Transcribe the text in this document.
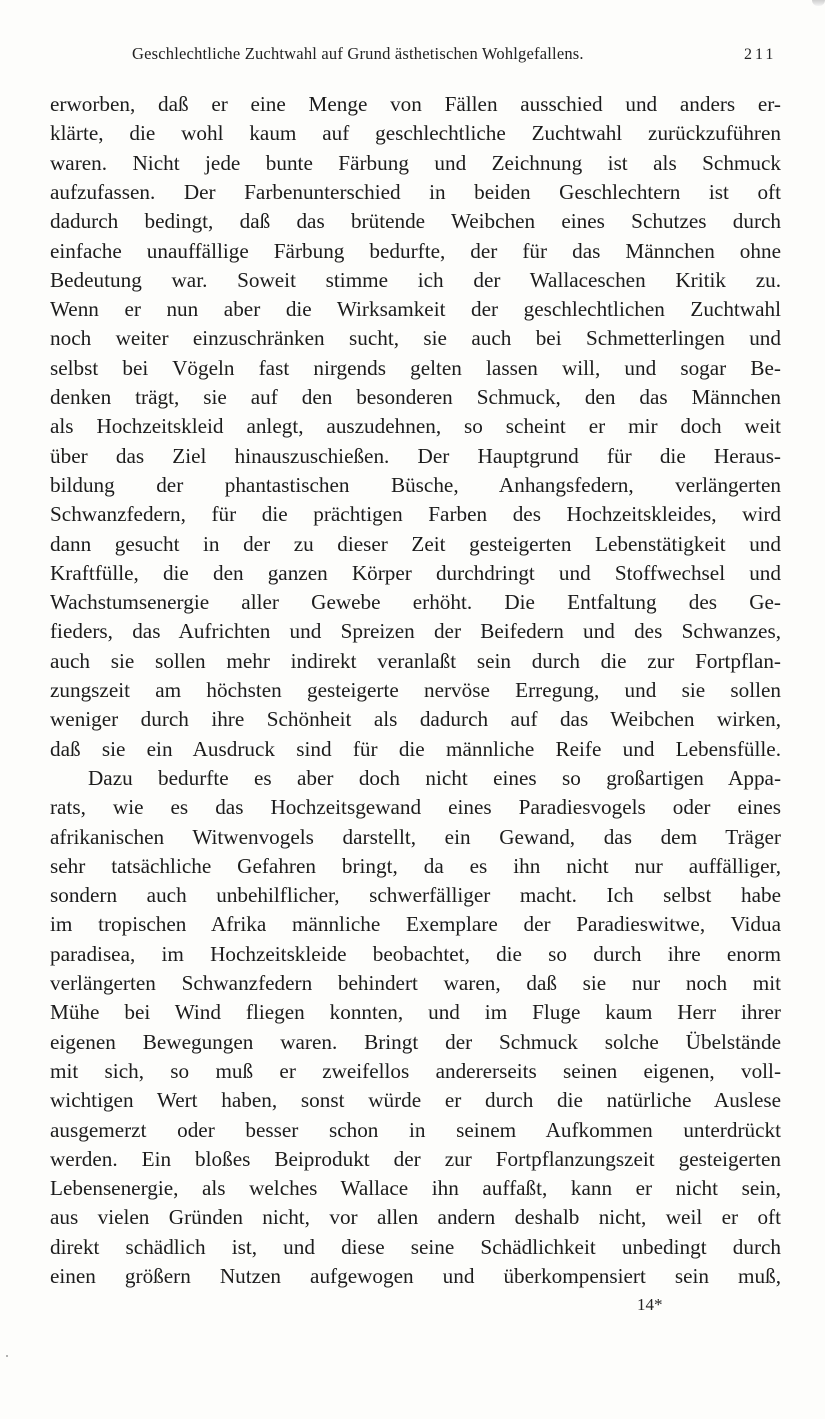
Geschlechtliche Zuchtwahl auf Grund ästhetischen Wohlgefallens.	211
erworben, daß er eine Menge von Fällen ausschied und anders er-
klärte, die wohl kaum auf geschlechtliche Zuchtwahl zurückzuführen
waren. Nicht jede bunte Färbung und Zeichnung ist als Schmuck
aufzufassen. Der Farbenunterschied in beiden Geschlechtern ist oft
dadurch bedingt, daß das brütende Weibchen eines Schutzes durch
einfache unauffällige Färbung bedurfte, der für das Männchen ohne
Bedeutung war. Soweit stimme ich der Wallaceschen Kritik zu.
Wenn er nun aber die Wirksamkeit der geschlechtlichen Zuchtwahl
noch weiter einzuschränken sucht, sie auch bei Schmetterlingen und
selbst bei Vögeln fast nirgends gelten lassen will, und sogar Be-
denken trägt, sie auf den besonderen Schmuck, den das Männchen
als Hochzeitskleid anlegt, auszudehnen, so scheint er mir doch weit
über das Ziel hinauszuschießen. Der Hauptgrund für die Heraus-
bildung der phantastischen Büsche, Anhangsfedern, verlängerten
Schwanzfedern, für die prächtigen Farben des Hochzeitskleides, wird
dann gesucht in der zu dieser Zeit gesteigerten Lebenstätigkeit und
Kraftfülle, die den ganzen Körper durchdringt und Stoffwechsel und
Wachstumsenergie aller Gewebe erhöht. Die Entfaltung des Ge-
fieders, das Aufrichten und Spreizen der Beifedern und des Schwanzes,
auch sie sollen mehr indirekt veranlaßt sein durch die zur Fortpflan-
zungszeit am höchsten gesteigerte nervöse Erregung, und sie sollen
weniger durch ihre Schönheit als dadurch auf das Weibchen wirken,
daß sie ein Ausdruck sind für die männliche Reife und Lebensfülle.
Dazu bedurfte es aber doch nicht eines so großartigen Appa-
rats, wie es das Hochzeitsgewand eines Paradiesvogels oder eines
afrikanischen Witwenvogels darstellt, ein Gewand, das dem Träger
sehr tatsächliche Gefahren bringt, da es ihn nicht nur auffälliger,
sondern auch unbehilflicher, schwerfälliger macht. Ich selbst habe
im tropischen Afrika männliche Exemplare der Paradieswitwe, Vidua
paradisea, im Hochzeitskleide beobachtet, die so durch ihre enorm
verlängerten Schwanzfedern behindert waren, daß sie nur noch mit
Mühe bei Wind fliegen konnten, und im Fluge kaum Herr ihrer
eigenen Bewegungen waren. Bringt der Schmuck solche Übelstände
mit sich, so muß er zweifellos andererseits seinen eigenen, voll-
wichtigen Wert haben, sonst würde er durch die natürliche Auslese
ausgemerzt oder besser schon in seinem Aufkommen unterdrückt
werden. Ein bloßes Beiprodukt der zur Fortpflanzungszeit gesteigerten
Lebensenergie, als welches Wallace ihn auffaßt, kann er nicht sein,
aus vielen Gründen nicht, vor allen andern deshalb nicht, weil er oft
direkt schädlich ist, und diese seine Schädlichkeit unbedingt durch
einen größern Nutzen aufgewogen und überkompensiert sein muß,
14*
